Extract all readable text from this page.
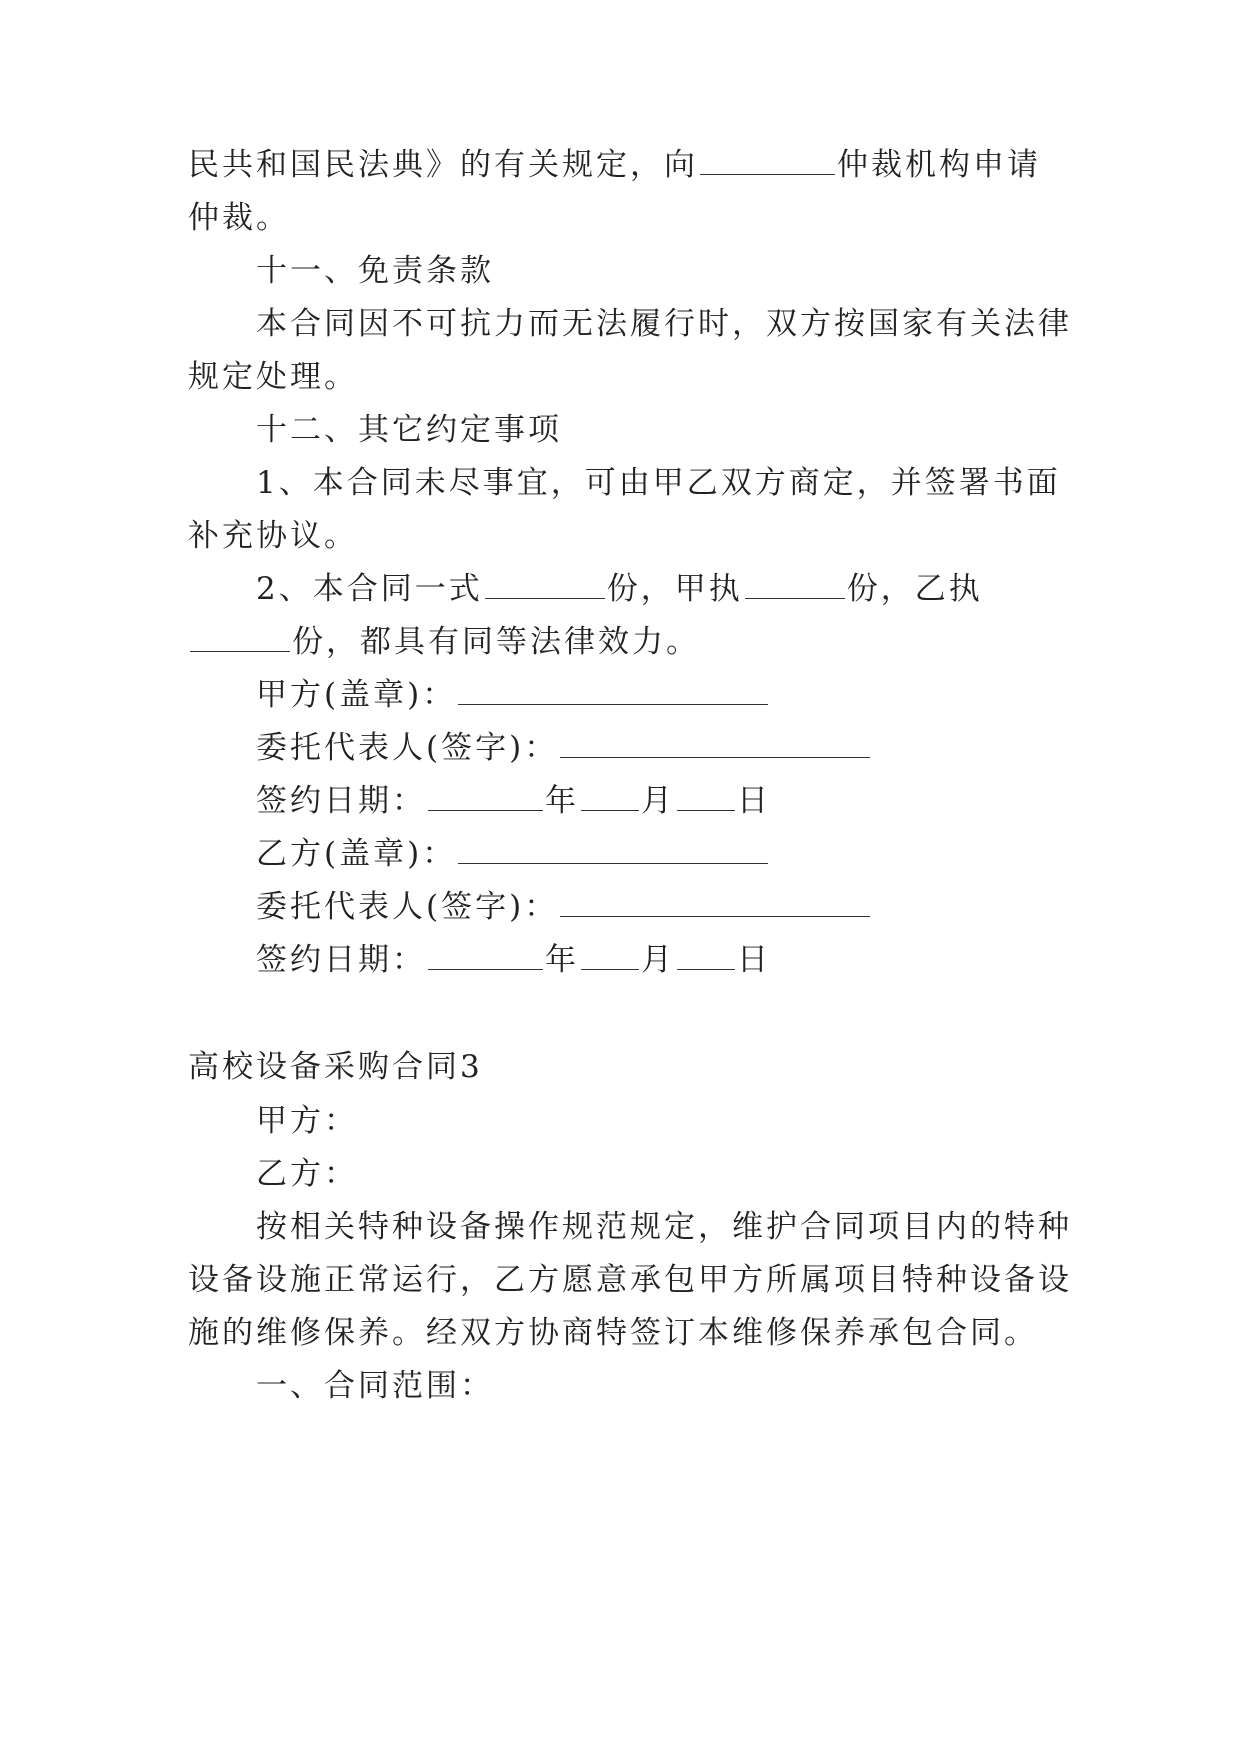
民共和国民法典》的有关规定，向	仲裁机构申请
仲裁。
十一、免责条款
本合同因不可抗力而无法履行时，双方按国家有关法律
规定处理。
十二、其它约定事项
1、本合同未尽事宜，可由甲乙双方商定，并签署书面
补充协议。
2、本合同一式	份，甲执	份，乙执
份，都具有同等法律效力。
甲方(盖章)：
委托代表人(签字)：
签约日期：	年 月 日
乙方(盖章)：
委托代表人(签字)：
签约日期：	年 月 日
高校设备采购合同3
甲方：
乙方：
按相关特种设备操作规范规定，维护合同项目内的特种
设备设施正常运行，乙方愿意承包甲方所属项目特种设备设
施的维修保养。经双方协商特签订本维修保养承包合同。
一、合同范围：
